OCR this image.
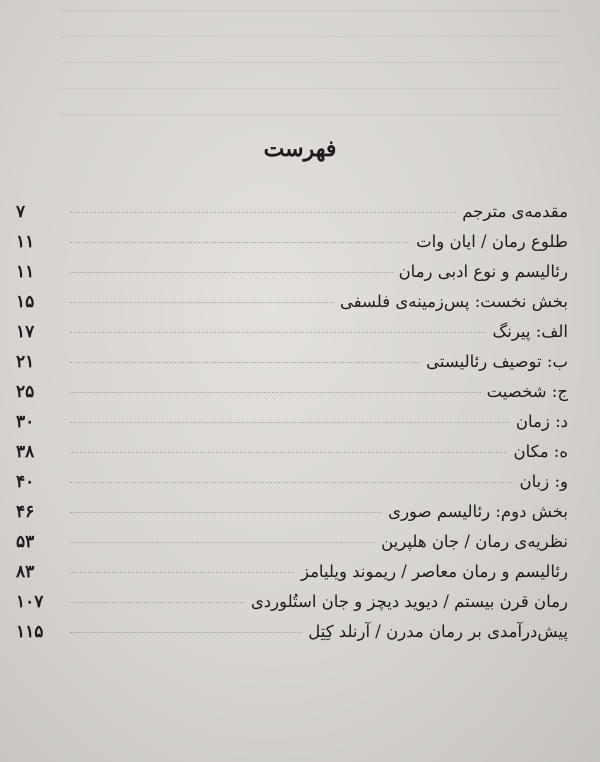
فهرست
مقدمه‌ی مترجم
۷
طلوع رمان / ایان وات
۱۱
رئالیسم و نوع ادبی رمان
۱۱
بخش نخست: پس‌زمینه‌ی فلسفی
۱۵
الف: پیرنگ
۱۷
ب: توصیف رئالیستی
۲۱
ج: شخصیت
۲۵
د: زمان
۳۰
ه: مکان
۳۸
و: زبان
۴۰
بخش دوم: رئالیسم صوری
۴۶
نظریه‌ی رمان / جان هلپرین
۵۳
رئالیسم و رمان معاصر / ریموند ویلیامز
۸۳
رمان قرن بیستم / دیوید دیچز و جان استُلوردی
۱۰۷
پیش‌درآمدی بر رمان مدرن / آرنلد کِتِل
۱۱۵
